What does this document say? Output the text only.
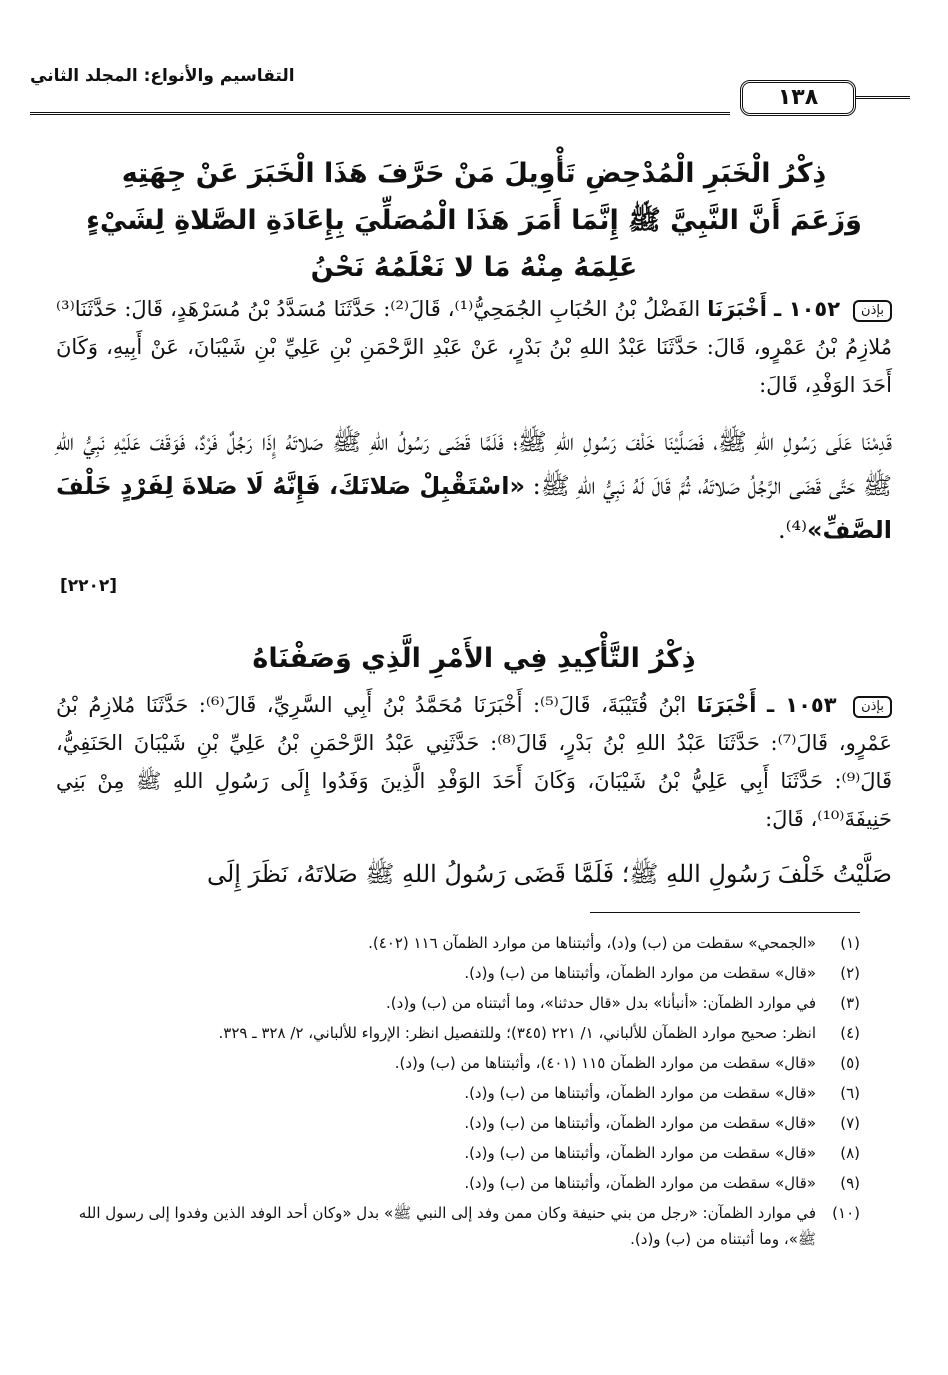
١٣٨
التقاسيم والأنواع: المجلد الثاني
ذِكْرُ الْخَبَرِ الْمُدْحِضِ تَأْوِيلَ مَنْ حَرَّفَ هَذَا الْخَبَرَ عَنْ جِهَتِهِ
وَزَعَمَ أَنَّ النَّبِيَّ ﷺ إِنَّمَا أَمَرَ هَذَا الْمُصَلِّيَ بِإِعَادَةِ الصَّلاةِ لِشَيْءٍ
عَلِمَهُ مِنْهُ مَا لا نَعْلَمُهُ نَحْنُ
بإذن ١٠٥٢ ـ أَخْبَرَنَا الفَضْلُ بْنُ الحُبَابِ الجُمَحِيُّ⁽¹⁾، قَالَ⁽²⁾: حَدَّثَنَا مُسَدَّدُ بْنُ مُسَرْهَدٍ، قَالَ: حَدَّثَنَا⁽³⁾ مُلازِمُ بْنُ عَمْرٍو، قَالَ: حَدَّثَنَا عَبْدُ اللهِ بْنُ بَدْرٍ، عَنْ عَبْدِ الرَّحْمَنِ بْنِ عَلِيِّ بْنِ شَيْبَانَ، عَنْ أَبِيهِ، وَكَانَ أَحَدَ الوَفْدِ، قَالَ:
قَدِمْنَا عَلَى رَسُولِ اللهِ ﷺ، فَصَلَّيْنَا خَلْفَ رَسُولِ اللهِ ﷺ؛ فَلَمَّا قَضَى رَسُولُ اللهِ ﷺ صَلاتَهُ إِذَا رَجُلٌ فَرْدٌ، فَوَقَفَ عَلَيْهِ نَبِيُّ اللهِ ﷺ حَتَّى قَضَى الرَّجُلُ صَلاتَهُ، ثُمَّ قَالَ لَهُ نَبِيُّ اللهِ ﷺ: «اسْتَقْبِلْ صَلاتَكَ، فَإِنَّهُ لَا صَلاةَ لِفَرْدٍ خَلْفَ الصَّفِّ»⁽⁴⁾.
[٢٢٠٢]
ذِكْرُ التَّأْكِيدِ فِي الأَمْرِ الَّذِي وَصَفْنَاهُ
بإذن ١٠٥٣ ـ أَخْبَرَنَا ابْنُ قُتَيْبَةَ، قَالَ⁽⁵⁾: أَخْبَرَنَا مُحَمَّدُ بْنُ أَبِي السَّرِيِّ، قَالَ⁽⁶⁾: حَدَّثَنَا مُلازِمُ بْنُ عَمْرٍو، قَالَ⁽⁷⁾: حَدَّثَنَا عَبْدُ اللهِ بْنُ بَدْرٍ، قَالَ⁽⁸⁾: حَدَّثَنِي عَبْدُ الرَّحْمَنِ بْنُ عَلِيِّ بْنِ شَيْبَانَ الحَنَفِيُّ، قَالَ⁽⁹⁾: حَدَّثَنَا أَبِي عَلِيُّ بْنُ شَيْبَانَ، وَكَانَ أَحَدَ الوَفْدِ الَّذِينَ وَفَدُوا إِلَى رَسُولِ اللهِ ﷺ مِنْ بَنِي حَنِيفَةَ⁽¹⁰⁾، قَالَ:
صَلَّيْتُ خَلْفَ رَسُولِ اللهِ ﷺ؛ فَلَمَّا قَضَى رَسُولُ اللهِ ﷺ صَلاتَهُ، نَظَرَ إِلَى
(١)
«الجمحي» سقطت من (ب) و(د)، وأثبتناها من موارد الظمآن ١١٦ (٤٠٢).
(٢)
«قال» سقطت من موارد الظمآن، وأثبتناها من (ب) و(د).
(٣)
في موارد الظمآن: «أنبأنا» بدل «قال حدثنا»، وما أثبتناه من (ب) و(د).
(٤)
انظر: صحيح موارد الظمآن للألباني، ١/ ٢٢١ (٣٤٥)؛ وللتفصيل انظر: الإرواء للألباني، ٢/ ٣٢٨ ـ ٣٢٩.
(٥)
«قال» سقطت من موارد الظمآن ١١٥ (٤٠١)، وأثبتناها من (ب) و(د).
(٦)
«قال» سقطت من موارد الظمآن، وأثبتناها من (ب) و(د).
(٧)
«قال» سقطت من موارد الظمآن، وأثبتناها من (ب) و(د).
(٨)
«قال» سقطت من موارد الظمآن، وأثبتناها من (ب) و(د).
(٩)
«قال» سقطت من موارد الظمآن، وأثبتناها من (ب) و(د).
(١٠)
في موارد الظمآن: «رجل من بني حنيفة وكان ممن وفد إلى النبي ﷺ» بدل «وكان أحد الوفد الذين وفدوا إلى رسول الله ﷺ»، وما أثبتناه من (ب) و(د).
